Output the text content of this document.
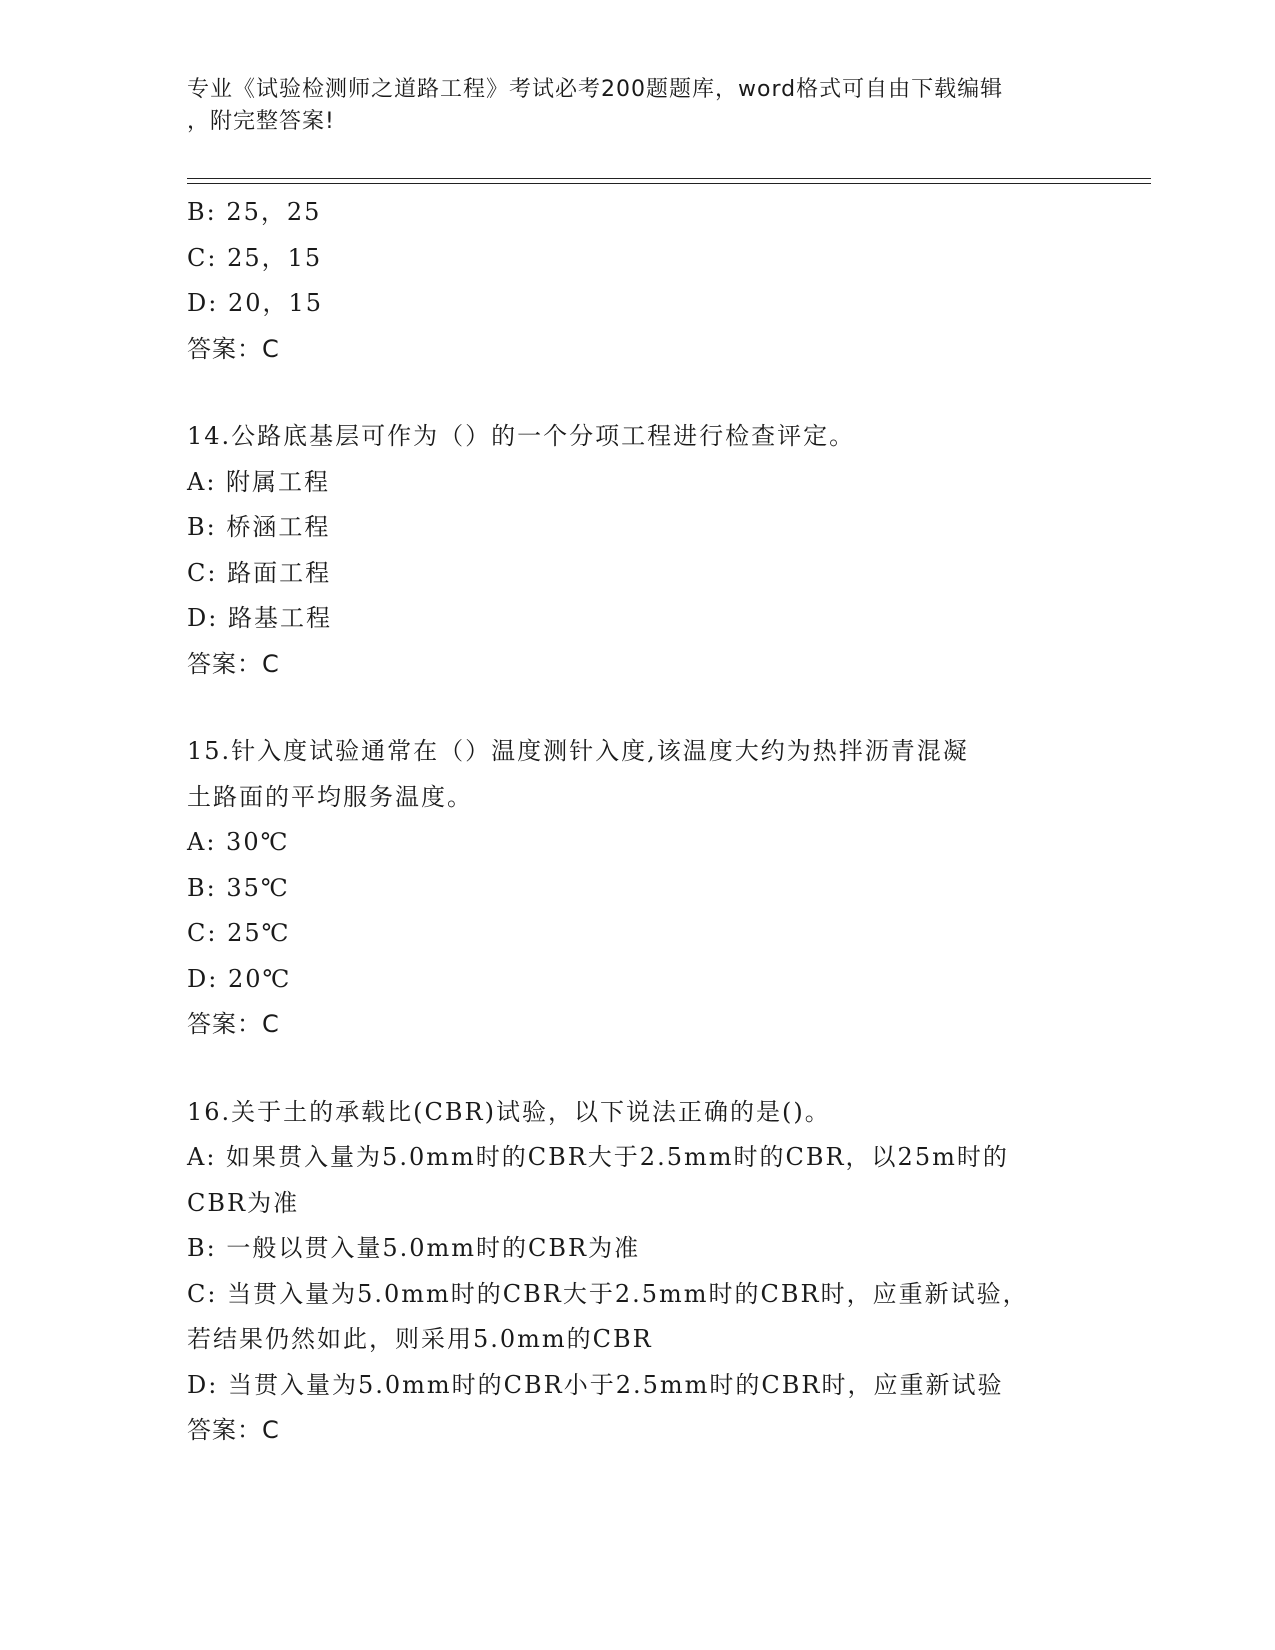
专业《试验检测师之道路工程》考试必考200题题库，word格式可自由下载编辑
，附完整答案!
B: 25，25
C: 25，15
D: 20，15
答案：C
14.公路底基层可作为（）的一个分项工程进行检查评定。
A: 附属工程
B: 桥涵工程
C: 路面工程
D: 路基工程
答案：C
15.针入度试验通常在（）温度测针入度,该温度大约为热拌沥青混凝
土路面的平均服务温度。
A: 30℃
B: 35℃
C: 25℃
D: 20℃
答案：C
16.关于土的承载比(CBR)试验，以下说法正确的是()。
A: 如果贯入量为5.0mm时的CBR大于2.5mm时的CBR，以25m时的
CBR为准
B: 一般以贯入量5.0mm时的CBR为准
C: 当贯入量为5.0mm时的CBR大于2.5mm时的CBR时，应重新试验，
若结果仍然如此，则采用5.0mm的CBR
D: 当贯入量为5.0mm时的CBR小于2.5mm时的CBR时，应重新试验
答案：C
